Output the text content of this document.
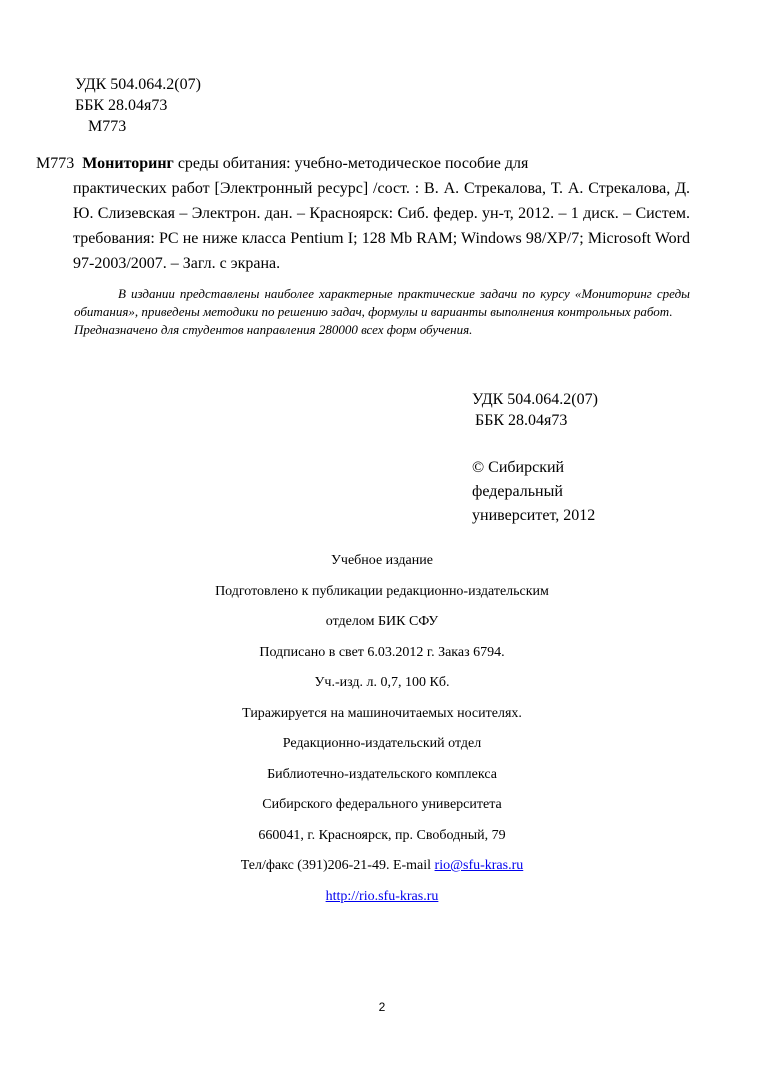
УДК 504.064.2(07)
ББК 28.04я73
М773
М773 Мониторинг среды обитания: учебно-методическое пособие для
практических работ [Электронный ресурс] /сост. : В. А. Стрекалова, Т. А. Стрекалова, Д. Ю. Слизевская – Электрон. дан. – Красноярск: Сиб. федер. ун-т, 2012. – 1 диск. – Систем. требования: PC не ниже класса Pentium I; 128 Mb RAM; Windows 98/XP/7; Microsoft Word 97-2003/2007. – Загл. с экрана.

В издании представлены наиболее характерные практические задачи по курсу «Мониторинг среды обитания», приведены методики по решению задач, формулы и варианты выполнения контрольных работ.

Предназначено для студентов направления 280000 всех форм обучения.

УДК 504.064.2(07)
ББК 28.04я73
© Сибирский
федеральный
университет, 2012
Учебное издание
Подготовлено к публикации редакционно-издательским
отделом БИК СФУ
Подписано в свет 6.03.2012 г. Заказ 6794.
Уч.-изд. л. 0,7, 100 Кб.
Тиражируется на машиночитаемых носителях.
Редакционно-издательский отдел
Библиотечно-издательского комплекса
Сибирского федерального университета
660041, г. Красноярск, пр. Свободный, 79
Тел/факс (391)206-21-49. E-mail rio@sfu-kras.ru
http://rio.sfu-kras.ru
2
